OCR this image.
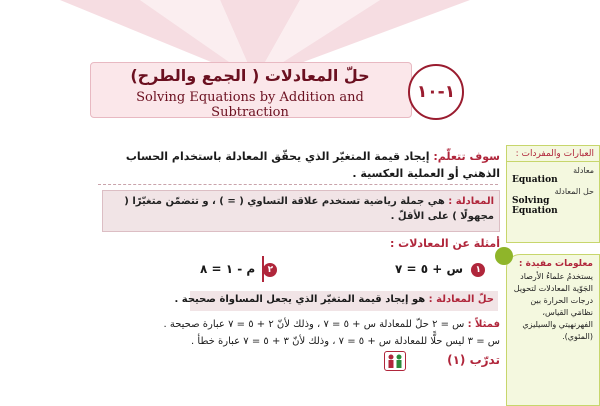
حلّ المعادلات ( الجمع والطرح)
Solving Equations by Addition and Subtraction
١-١٠
العبارات والمفردات :
معادلة
Equation
حل المعادلة
Solving Equation
معلومات مفيدة :
يستخدمُ علماءُ الأرصاد الجَوّية المعادلات لتحويل درجات الحرارة بين نظامَي القياس، الفهرنهيتي والسيليزي (المئوي).
سوف تتعلّم: إيجاد قيمة المتغيّر الذي يحقّق المعادلة باستخدام الحساب الذهني أو العملية العكسية .
المعادلة : هي جملة رياضية تستخدم علاقة التساوي ( = ) ، و تتضمّن متغيّرًا ( مجهولًا ) على الأقلّ .
أمثلة عن المعادلات :
١ س + ٥ = ٧
٢ م - ١ = ٨
حلّ المعادلة : هو إيجاد قيمة المتغيّر الذي يجعل المساواة صحيحة .
فمثلاً : س = ٢ حلّ للمعادلة س + ٥ = ٧ ، وذلك لأنّ ٢ + ٥ = ٧ عبارة صحيحة .
س = ٣ ليس حلًّا للمعادلة س + ٥ = ٧ ، وذلك لأنّ ٣ + ٥ = ٧ عبارة خطأ .
تدرّب (١)
